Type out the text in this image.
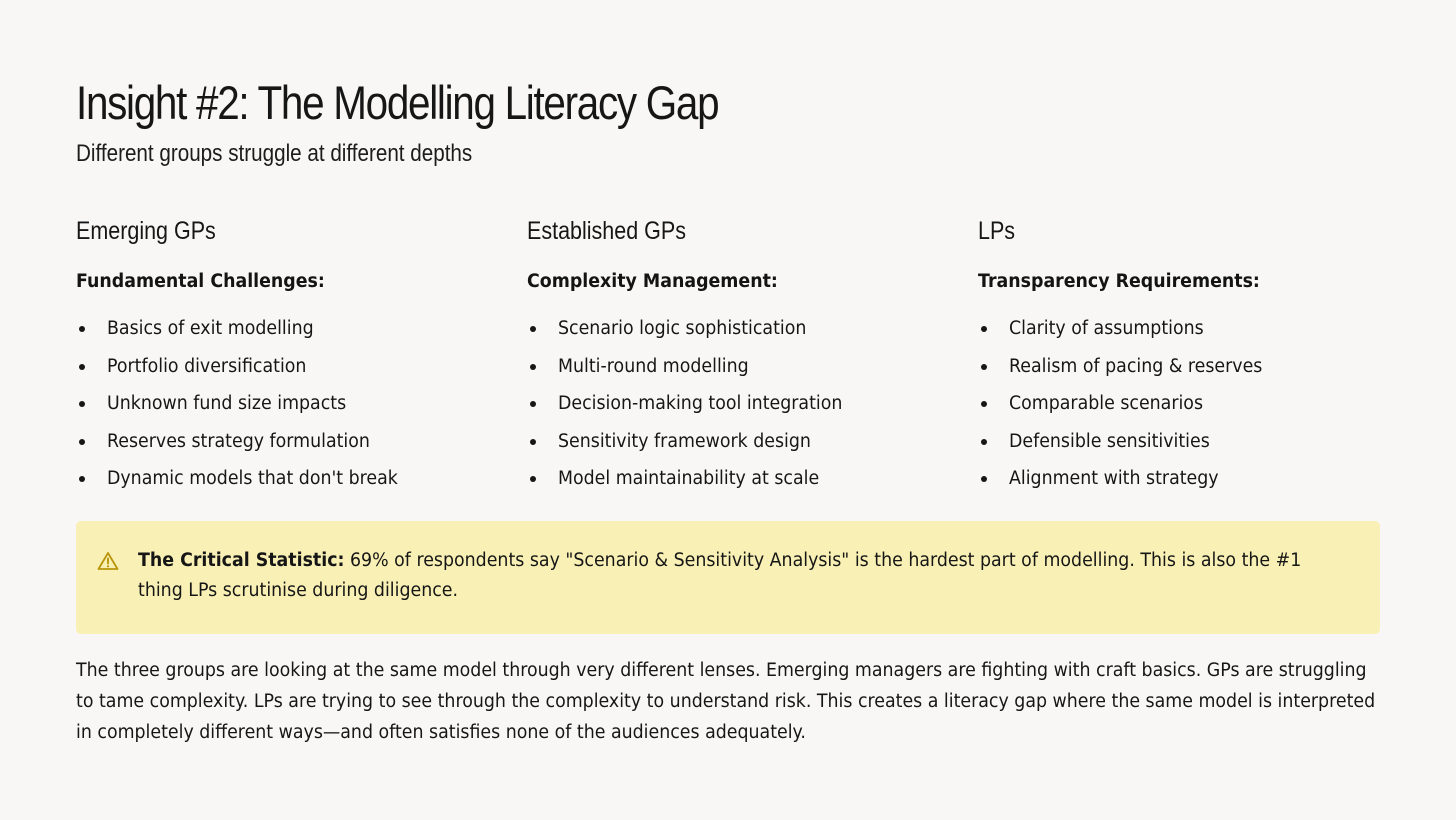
Insight #2: The Modelling Literacy Gap
Different groups struggle at different depths
Emerging GPs

Fundamental Challenges:

Basics of exit modelling
Portfolio diversification
Unknown fund size impacts
Reserves strategy formulation
Dynamic models that don't break
Established GPs

Complexity Management:

Scenario logic sophistication
Multi-round modelling
Decision-making tool integration
Sensitivity framework design
Model maintainability at scale
LPs

Transparency Requirements:

Clarity of assumptions
Realism of pacing & reserves
Comparable scenarios
Defensible sensitivities
Alignment with strategy

The Critical Statistic: 69% of respondents say "Scenario & Sensitivity Analysis" is the hardest part of modelling. This is also the #1 thing LPs scrutinise during diligence.

The three groups are looking at the same model through very different lenses. Emerging managers are fighting with craft basics. GPs are struggling to tame complexity. LPs are trying to see through the complexity to understand risk. This creates a literacy gap where the same model is interpreted in completely different ways—and often satisfies none of the audiences adequately.
